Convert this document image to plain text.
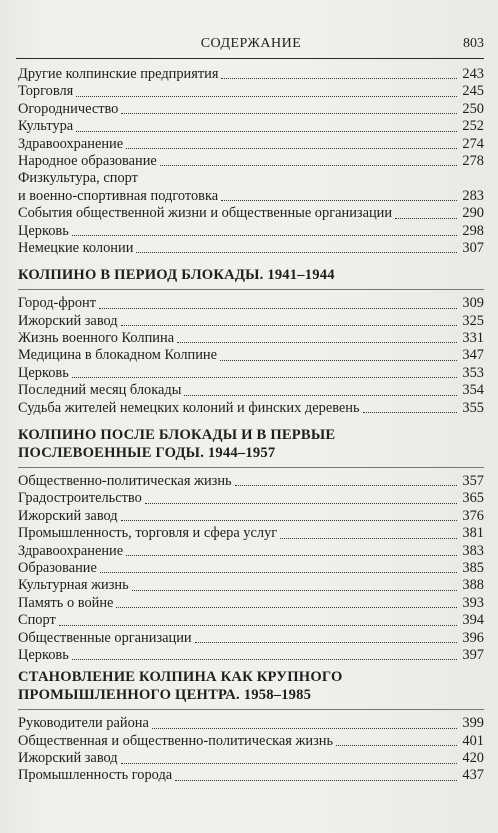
СОДЕРЖАНИЕ	803
Другие колпинские предприятия	243
Торговля	245
Огородничество	250
Культура	252
Здравоохранение	274
Народное образование	278
Физкультура, спорт
и военно-спортивная подготовка	283
События общественной жизни и общественные организации	290
Церковь	298
Немецкие колонии	307
КОЛПИНО В ПЕРИОД БЛОКАДЫ. 1941–1944
Город-фронт	309
Ижорский завод	325
Жизнь военного Колпина	331
Медицина в блокадном Колпине	347
Церковь	353
Последний месяц блокады	354
Судьба жителей немецких колоний и финских деревень	355
КОЛПИНО ПОСЛЕ БЛОКАДЫ И В ПЕРВЫЕ
ПОСЛЕВОЕННЫЕ ГОДЫ. 1944–1957
Общественно-политическая жизнь	357
Градостроительство	365
Ижорский завод	376
Промышленность, торговля и сфера услуг	381
Здравоохранение	383
Образование	385
Культурная жизнь	388
Память о войне	393
Спорт	394
Общественные организации	396
Церковь	397
СТАНОВЛЕНИЕ КОЛПИНА КАК КРУПНОГО
ПРОМЫШЛЕННОГО ЦЕНТРА. 1958–1985
Руководители района	399
Общественная и общественно-политическая жизнь	401
Ижорский завод	420
Промышленность города	437
